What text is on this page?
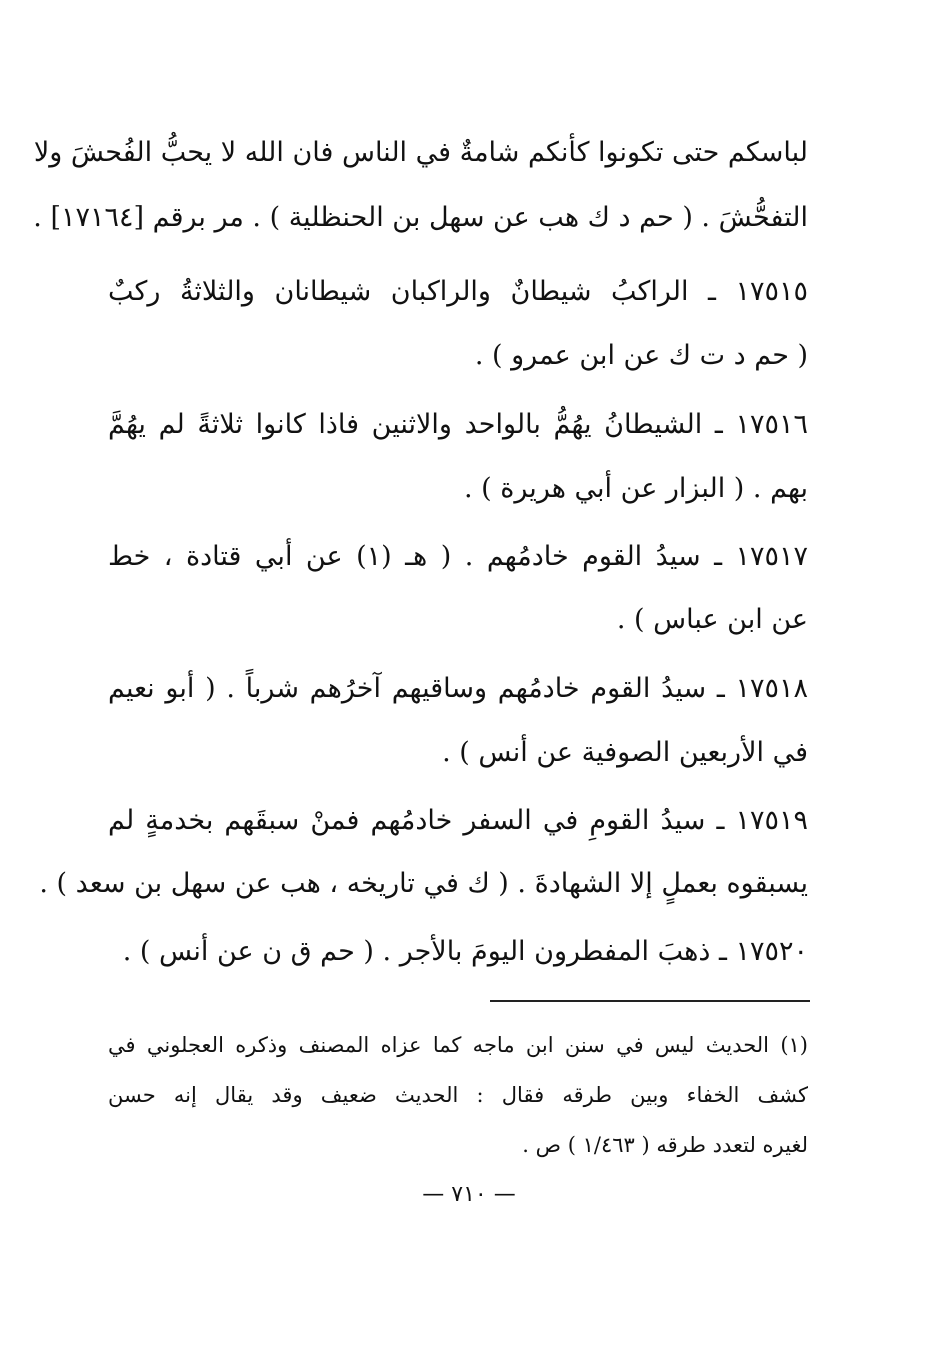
لباسكم حتى تكونوا كأنكم شامةٌ في الناس فان الله لا يحبُّ الفُحشَ ولا
التفحُّشَ . ( حم د ك هب عن سهل بن الحنظلية ) . مر برقم [١٧١٦٤] .
١٧٥١٥ ـ الراكبُ شيطانٌ والراكبان شيطانان والثلاثةُ ركبٌ
( حم د ت ك عن ابن عمرو ) .
١٧٥١٦ ـ الشيطانُ يهُمُّ بالواحد والاثنين فاذا كانوا ثلاثةً لم يهُمَّ
بهم . ( البزار عن أبي هريرة ) .
١٧٥١٧ ـ سيدُ القوم خادمُهم . ( هـ (١) عن أبي قتادة ، خط
عن ابن عباس ) .
١٧٥١٨ ـ سيدُ القوم خادمُهم وساقيهم آخرُهم شرباً . ( أبو نعيم
في الأربعين الصوفية عن أنس ) .
١٧٥١٩ ـ سيدُ القومِ في السفر خادمُهم فمنْ سبقَهم بخدمةٍ لم
يسبقوه بعملٍ إلا الشهادةَ . ( ك في تاريخه ، هب عن سهل بن سعد ) .
١٧٥٢٠ ـ ذهبَ المفطرون اليومَ بالأجر . ( حم ق ن عن أنس ) .
(١) الحديث ليس في سنن ابن ماجه كما عزاه المصنف وذكره العجلوني في
كشف الخفاء وبين طرقه فقال : الحديث ضعيف وقد يقال إنه حسن
لغيره لتعدد طرقه ( ١/٤٦٣ ) ص .
— ٧١٠ —
